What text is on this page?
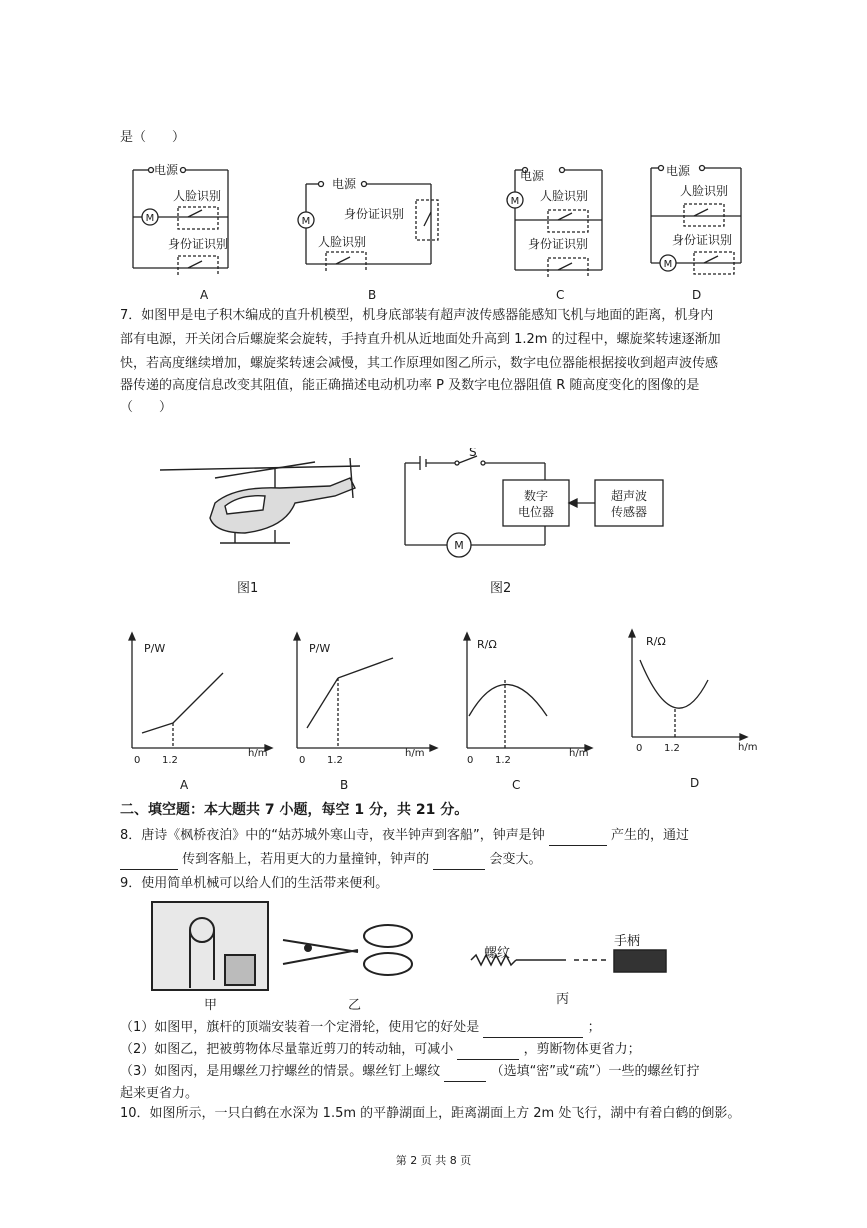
是（　　）
M
电源
人脸识别
身份证识别
A
M
电源
身份证识别
人脸识别
B
M
电源
人脸识别
身份证识别
C
M
电源
人脸识别
身份证识别
D
7．如图甲是电子积木编成的直升机模型，机身底部装有超声波传感器能感知飞机与地面的距离，机身内
部有电源，开关闭合后螺旋桨会旋转，手持直升机从近地面处升高到 1.2m 的过程中，螺旋桨转速逐渐加
快，若高度继续增加，螺旋桨转速会减慢，其工作原理如图乙所示，数字电位器能根据接收到超声波传感
器传递的高度信息改变其阻值，能正确描述电动机功率 P 及数字电位器阻值 R 随高度变化的图像的是
（　　）
图1
M
S
数字
电位器
超声波
传感器
图2
P/W
h/m
0 1.2
A
P/W
h/m
0 1.2
B
R/Ω
h/m
0 1.2
C
R/Ω
h/m
0 1.2
D
二、填空题：本大题共 7 小题，每空 1 分，共 21 分。
8．唐诗《枫桥夜泊》中的“姑苏城外寒山寺，夜半钟声到客船”，钟声是钟	产生的，通过
传到客船上，若用更大的力量撞钟，钟声的	会变大。
9．使用简单机械可以给人们的生活带来便利。
甲	乙
螺纹
手柄
丙
（1）如图甲，旗杆的顶端安装着一个定滑轮，使用它的好处是	；
（2）如图乙，把被剪物体尽量靠近剪刀的转动轴，可减小	，剪断物体更省力；
（3）如图丙，是用螺丝刀拧螺丝的情景。螺丝钉上螺纹	（选填“密”或“疏”）一些的螺丝钉拧
起来更省力。
10．如图所示，一只白鹤在水深为 1.5m 的平静湖面上，距离湖面上方 2m 处飞行，湖中有着白鹤的倒影。
第 2 页 共 8 页
